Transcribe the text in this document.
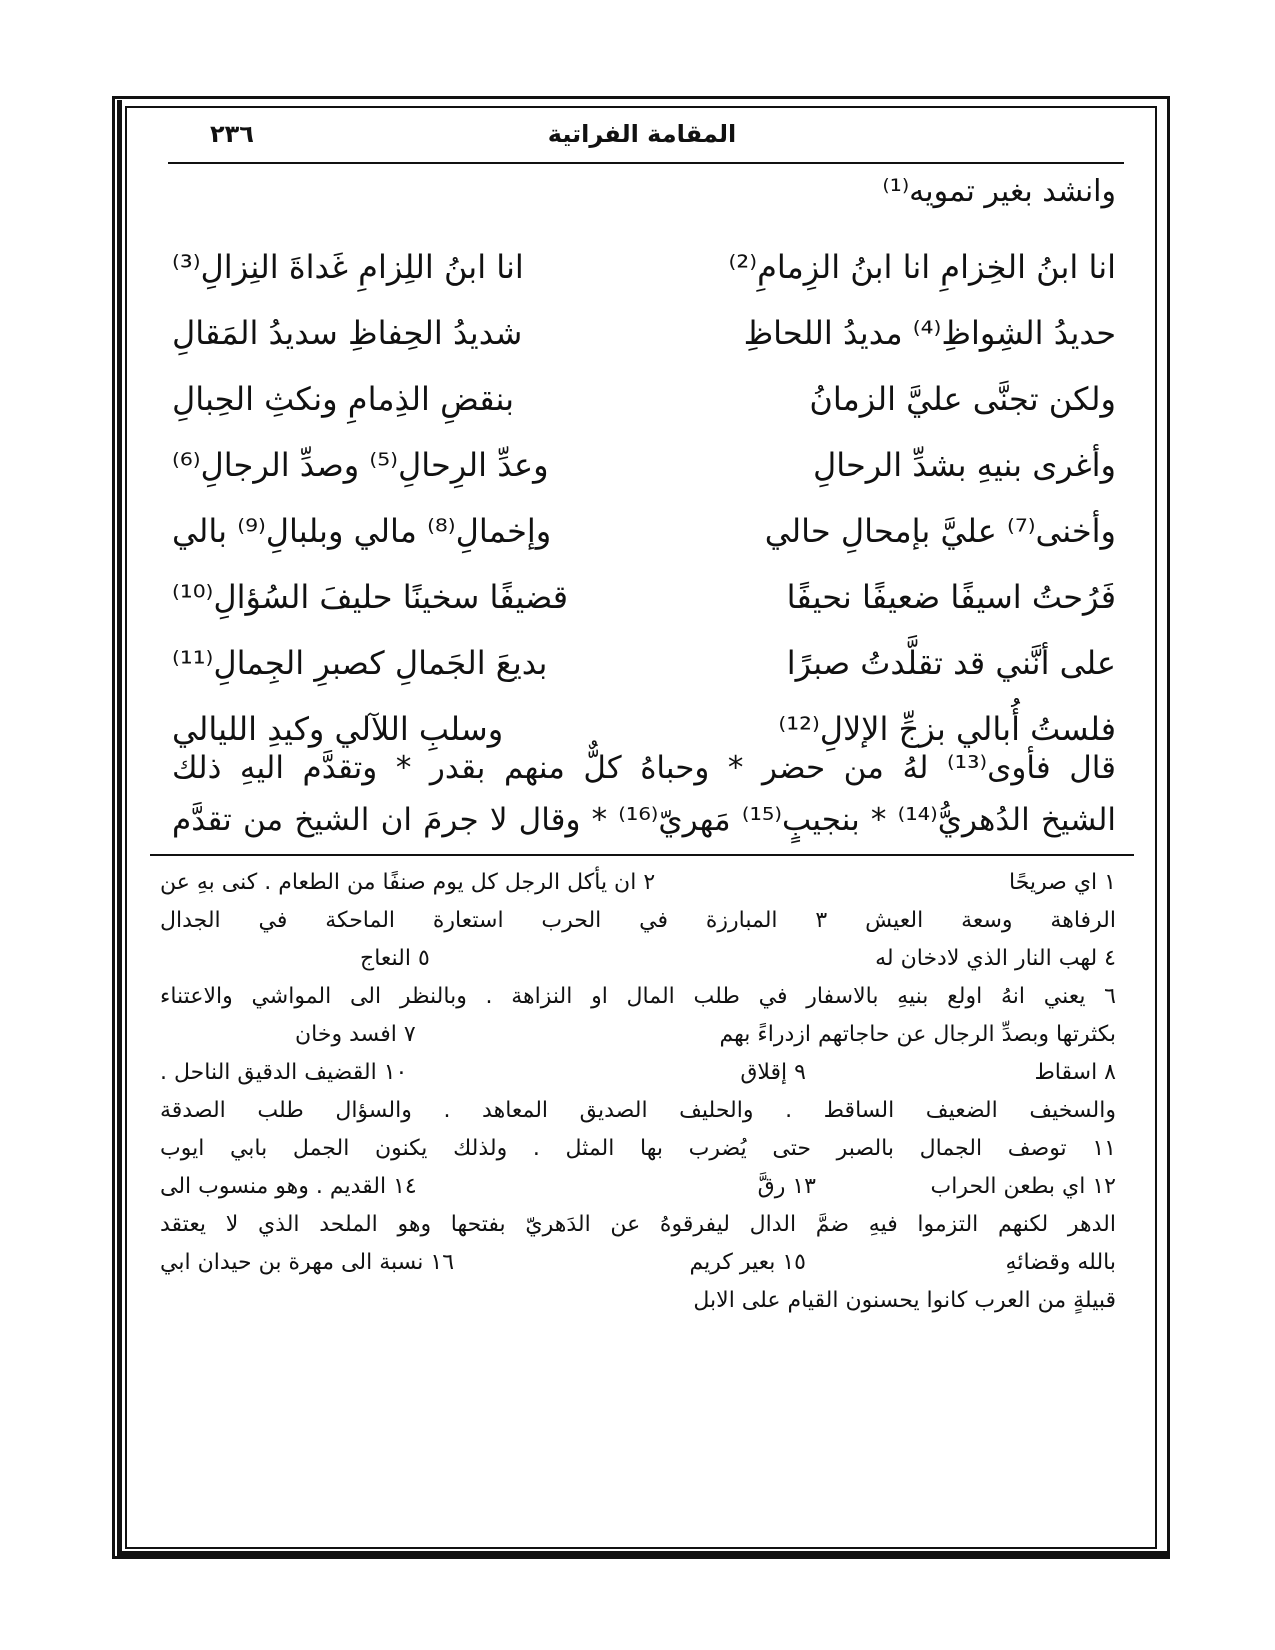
المقامة الفراتية
٢٣٦
وانشد بغير تمويه⁽¹⁾
انا ابنُ الخِزامِ انا ابنُ الزِمامِ⁽²⁾
انا ابنُ اللِزامِ غَداةَ النِزالِ⁽³⁾
حديدُ الشِواظِ⁽⁴⁾ مديدُ اللحاظِ
شديدُ الحِفاظِ سديدُ المَقالِ
ولكن تجنَّى عليَّ الزمانُ
بنقضِ الذِمامِ ونكثِ الحِبالِ
وأغرى بنيهِ بشدِّ الرحالِ
وعدِّ الرِحالِ⁽⁵⁾ وصدِّ الرجالِ⁽⁶⁾
وأخنى⁽⁷⁾ عليَّ بإمحالِ حالي
وإخمالِ⁽⁸⁾ مالي وبلبالِ⁽⁹⁾ بالي
فَرُحتُ اسيفًا ضعيفًا نحيفًا
قضيفًا سخينًا حليفَ السُؤالِ⁽¹⁰⁾
على أنَّني قد تقلَّدتُ صبرًا
بديعَ الجَمالِ كصبرِ الجِمالِ⁽¹¹⁾
فلستُ أُبالي بزجِّ الإلالِ⁽¹²⁾
وسلبِ اللآلي وكيدِ الليالي
قال فأوى⁽¹³⁾ لهُ من حضر * وحباهُ كلٌّ منهم بقدر * وتقدَّم اليهِ ذلك
الشيخ الدُهريُّ⁽¹⁴⁾ * بنجيبٍ⁽¹⁵⁾ مَهريّ⁽¹⁶⁾ * وقال لا جرمَ ان الشيخ من تقدَّم
١ اي صريحًا
٢ ان يأكل الرجل كل يوم صنفًا من الطعام . كنى بهِ عن
الرفاهة وسعة العيش ٣ المبارزة في الحرب استعارة الماحكة في الجدال
٤ لهب النار الذي لادخان له
٥ النعاج
٦ يعني انهُ اولع بنيهِ بالاسفار في طلب المال او النزاهة . وبالنظر الى المواشي والاعتناء
بكثرتها وبصدِّ الرجال عن حاجاتهم ازدراءً بهم
٧ افسد وخان
٨ اسقاط
٩ إقلاق
١٠ القضيف الدقيق الناحل .
والسخيف الضعيف الساقط . والحليف الصديق المعاهد . والسؤال طلب الصدقة
١١ توصف الجمال بالصبر حتى يُضرب بها المثل . ولذلك يكنون الجمل بابي ايوب
١٢ اي بطعن الحراب
١٣ رقَّ
١٤ القديم . وهو منسوب الى
الدهر لكنهم التزموا فيهِ ضمَّ الدال ليفرقوهُ عن الدَهريّ بفتحها وهو الملحد الذي لا يعتقد
بالله وقضائهِ
١٥ بعير كريم
١٦ نسبة الى مهرة بن حيدان ابي
قبيلةٍ من العرب كانوا يحسنون القيام على الابل
